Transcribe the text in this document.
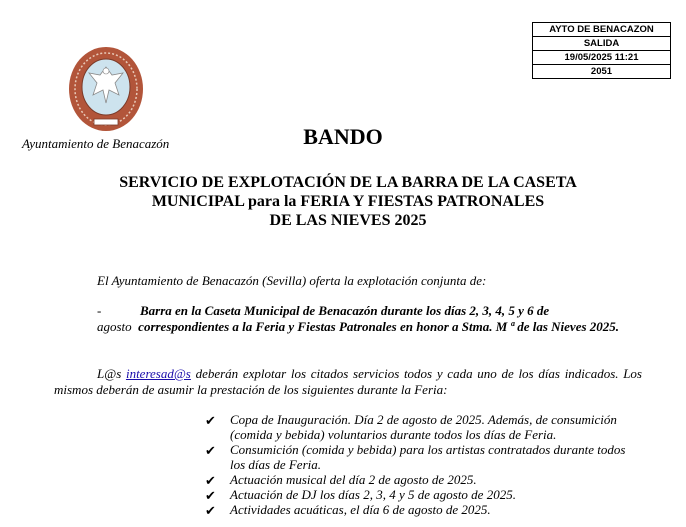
AYTO DE BENACAZON
SALIDA
19/05/2025 11:21
2051

Ayuntamiento de Benacazón	BANDO
SERVICIO DE EXPLOTACIÓN DE LA BARRA DE LA CASETA
MUNICIPAL para la FERIA Y FIESTAS PATRONALES
DE LAS NIEVES 2025

El Ayuntamiento de Benacazón (Sevilla) oferta la explotación conjunta de:

-	Barra en la Caseta Municipal de Benacazón durante los días 2, 3, 4, 5 y 6 de
agosto correspondientes a la Feria y Fiestas Patronales en honor a Stma. M ª de las Nieves 2025.
L@s interesad@s deberán explotar los citados servicios todos y cada uno de los días indicados. Los
mismos deberán de asumir la prestación de los siguientes durante la Feria:
✔ Copa de Inauguración. Día 2 de agosto de 2025. Además, de consumición (comida y bebida) voluntarios durante todos los días de Feria.
✔ Consumición (comida y bebida) para los artistas contratados durante todos los días de Feria.
✔ Actuación musical del día 2 de agosto de 2025.
✔ Actuación de DJ los días 2, 3, 4 y 5 de agosto de 2025.
✔ Actividades acuáticas, el día 6 de agosto de 2025.
